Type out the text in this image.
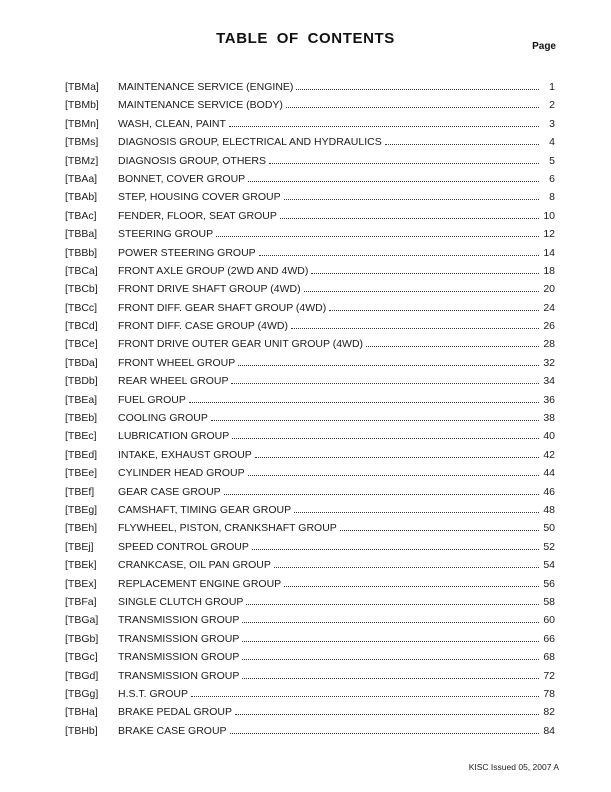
TABLE OF CONTENTS	Page
[TBMa]	MAINTENANCE SERVICE (ENGINE)	1
[TBMb]	MAINTENANCE SERVICE (BODY)	2
[TBMn]	WASH, CLEAN, PAINT	3
[TBMs]	DIAGNOSIS GROUP, ELECTRICAL AND HYDRAULICS	4
[TBMz]	DIAGNOSIS GROUP, OTHERS	5
[TBAa]	BONNET, COVER GROUP	6
[TBAb]	STEP, HOUSING COVER GROUP	8
[TBAc]	FENDER, FLOOR, SEAT GROUP	10
[TBBa]	STEERING GROUP	12
[TBBb]	POWER STEERING GROUP	14
[TBCa]	FRONT AXLE GROUP (2WD AND 4WD)	18
[TBCb]	FRONT DRIVE SHAFT GROUP (4WD)	20
[TBCc]	FRONT DIFF. GEAR SHAFT GROUP (4WD)	24
[TBCd]	FRONT DIFF. CASE GROUP (4WD)	26
[TBCe]	FRONT DRIVE OUTER GEAR UNIT GROUP (4WD)	28
[TBDa]	FRONT WHEEL GROUP	32
[TBDb]	REAR WHEEL GROUP	34
[TBEa]	FUEL GROUP	36
[TBEb]	COOLING GROUP	38
[TBEc]	LUBRICATION GROUP	40
[TBEd]	INTAKE, EXHAUST GROUP	42
[TBEe]	CYLINDER HEAD GROUP	44
[TBEf]	GEAR CASE GROUP	46
[TBEg]	CAMSHAFT, TIMING GEAR GROUP	48
[TBEh]	FLYWHEEL, PISTON, CRANKSHAFT GROUP	50
[TBEj]	SPEED CONTROL GROUP	52
[TBEk]	CRANKCASE, OIL PAN GROUP	54
[TBEx]	REPLACEMENT ENGINE GROUP	56
[TBFa]	SINGLE CLUTCH GROUP	58
[TBGa]	TRANSMISSION GROUP	60
[TBGb]	TRANSMISSION GROUP	66
[TBGc]	TRANSMISSION GROUP	68
[TBGd]	TRANSMISSION GROUP	72
[TBGg]	H.S.T. GROUP	78
[TBHa]	BRAKE PEDAL GROUP	82
[TBHb]	BRAKE CASE GROUP	84
KISC Issued 05, 2007 A
